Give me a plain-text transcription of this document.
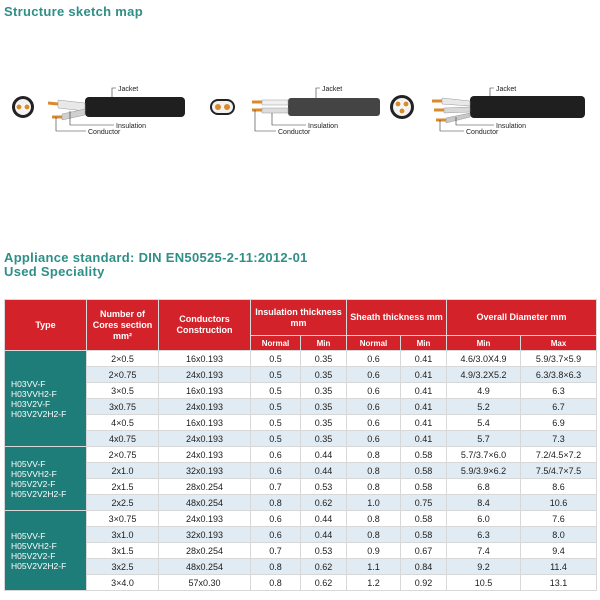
Structure sketch map
Jacket
Insulation
Conductor
Jacket
Insulation
Conductor
Jacket
Insulation
Conductor
Appliance standard: DIN EN50525-2-11:2012-01
Used Speciality
Type	Number of Cores section mm²	Conductors Construction	Insulation thickness mm		Sheath thickness mm		Overall Diameter mm	
			Normal	Min	Normal	Min	Min	Max

H03VV-F
H03VVH2-F
H03V2V-F
H03V2V2H2-F	2×0.5	16x0.193	0.5	0.35	0.6	0.41	4.6/3.0X4.9	5.9/3.7×5.9
	2×0.75	24x0.193	0.5	0.35	0.6	0.41	4.9/3.2X5.2	6.3/3.8×6.3
	3×0.5	16x0.193	0.5	0.35	0.6	0.41	4.9	6.3
	3x0.75	24x0.193	0.5	0.35	0.6	0.41	5.2	6.7
	4×0.5	16x0.193	0.5	0.35	0.6	0.41	5.4	6.9
	4x0.75	24x0.193	0.5	0.35	0.6	0.41	5.7	7.3

H05VV-F
H05VVH2-F
H05V2V2-F
H05V2V2H2-F	2×0.75	24x0.193	0.6	0.44	0.8	0.58	5.7/3.7×6.0	7.2/4.5×7.2
	2x1.0	32x0.193	0.6	0.44	0.8	0.58	5.9/3.9×6.2	7.5/4.7×7.5
	2x1.5	28x0.254	0.7	0.53	0.8	0.58	6.8	8.6
	2x2.5	48x0.254	0.8	0.62	1.0	0.75	8.4	10.6

H05VV-F
H05VVH2-F
H05V2V2-F
H05V2V2H2-F	3×0.75	24x0.193	0.6	0.44	0.8	0.58	6.0	7.6
	3x1.0	32x0.193	0.6	0.44	0.8	0.58	6.3	8.0
	3x1.5	28x0.254	0.7	0.53	0.9	0.67	7.4	9.4
	3x2.5	48x0.254	0.8	0.62	1.1	0.84	9.2	11.4
	3×4.0	57x0.30	0.8	0.62	1.2	0.92	10.5	13.1
